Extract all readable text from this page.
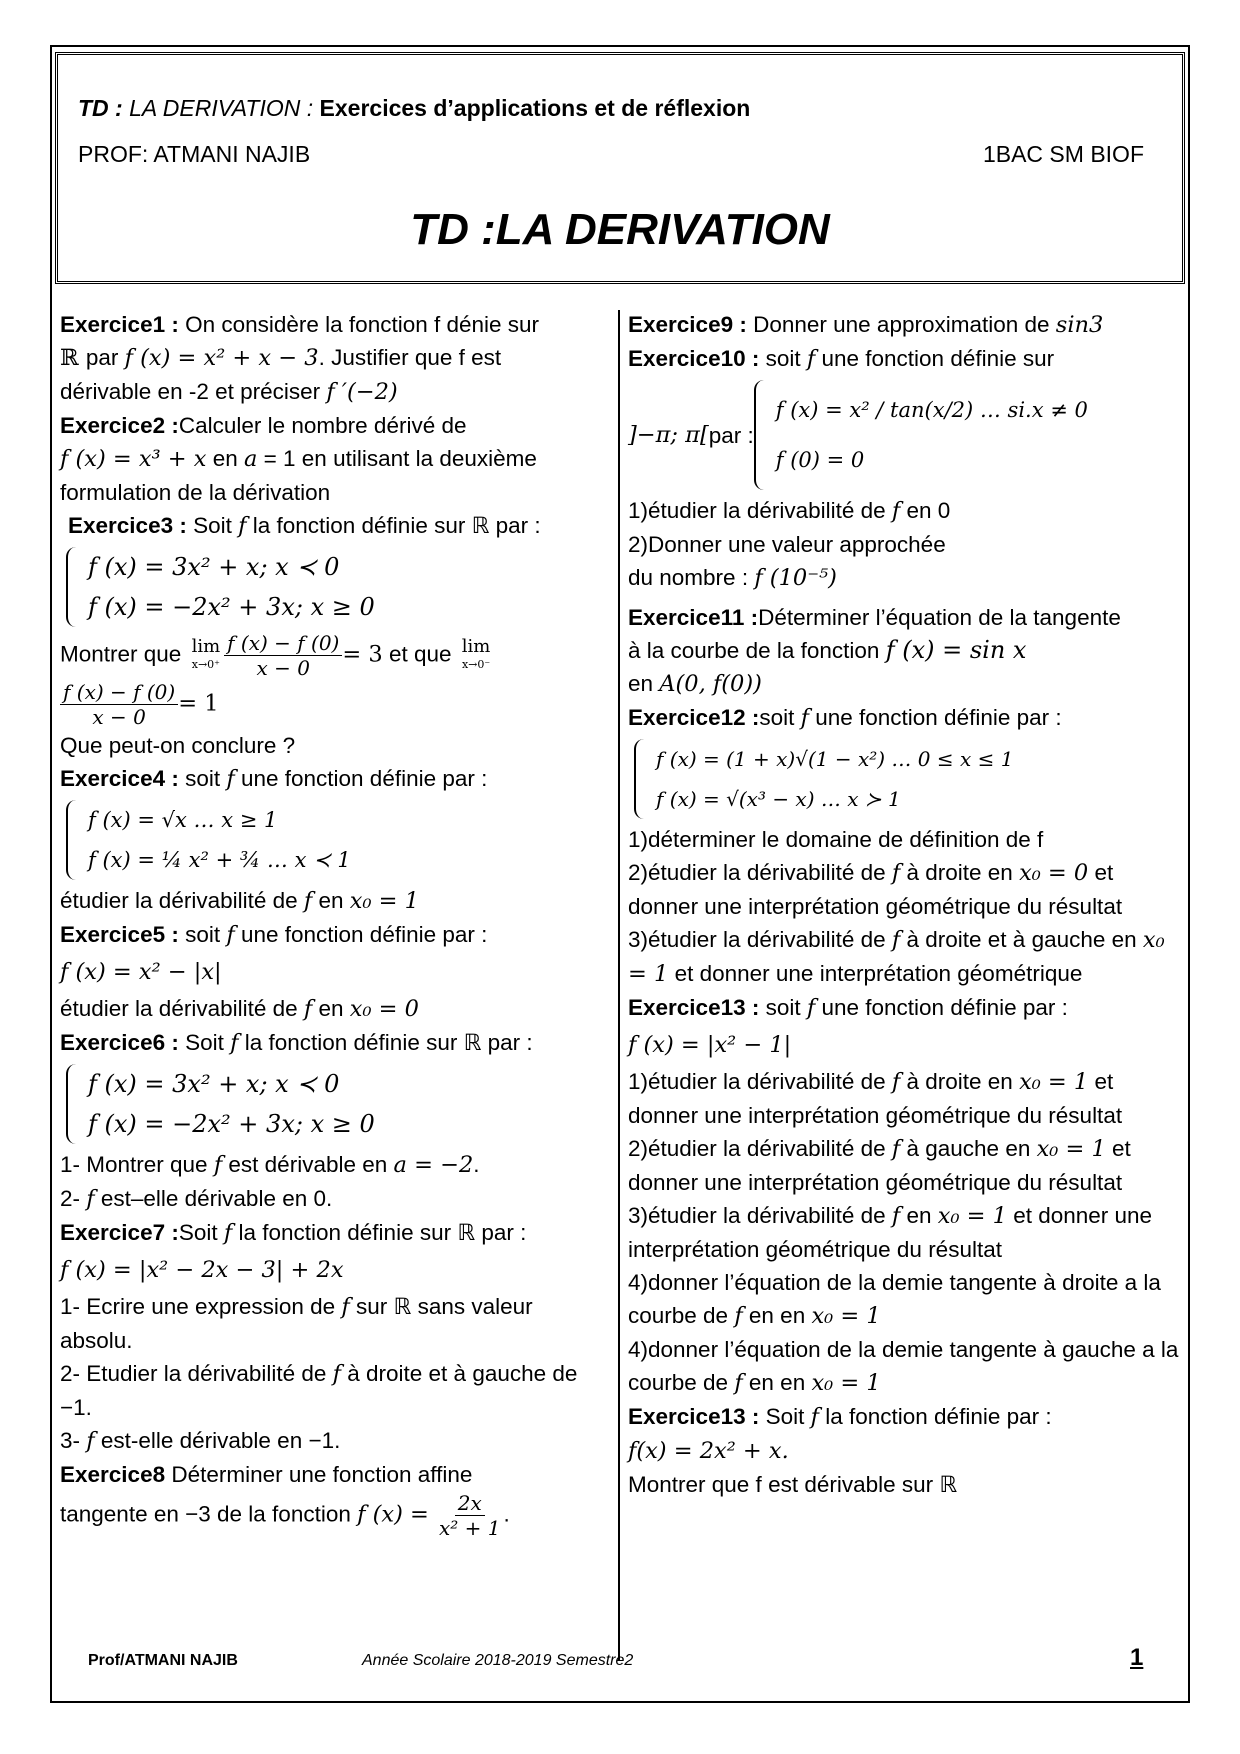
TD : LA DERIVATION : Exercices d’applications et de réflexion
PROF: ATMANI NAJIB	1BAC SM BIOF
TD :LA DERIVATION

Exercice1 : On considère la fonction f dénie sur
ℝ par f (x) = x² + x − 3. Justifier que f est
dérivable en -2 et préciser f ′(−2)

Exercice2 :Calculer le nombre dérivé de
f (x) = x³ + x en a = 1 en utilisant la deuxième
formulation de la dérivation

Exercice3 : Soit f la fonction définie sur ℝ par :

f (x) = 3x² + x; x ≺ 0
f (x) = −2x² + 3x; x ≥ 0

Montrer que lim
$x\to 0^+ \frac{f (x) - f (0)}{x - 0} = 3$ et que lim
x→0⁻
$\frac{f (x) - f (0)}{x - 0} = 1$

Que peut-on conclure ?

Exercice4 : soit f une fonction définie par :

f (x) = √x … x ≥ 1
f (x) = ¼ x² + ¾ … x ≺ 1

étudier la dérivabilité de f en x₀ = 1

Exercice5 : soit f une fonction définie par :

f (x) = x² − |x|

étudier la dérivabilité de f en x₀ = 0

Exercice6 : Soit f la fonction définie sur ℝ par :

f (x) = 3x² + x; x ≺ 0
f (x) = −2x² + 3x; x ≥ 0

1- Montrer que f est dérivable en a = −2.
2- f est–elle dérivable en 0.

Exercice7 :Soit f la fonction définie sur ℝ par :

f (x) = |x² − 2x − 3| + 2x

1- Ecrire une expression de f sur ℝ sans valeur absolu.
2- Etudier la dérivabilité de f à droite et à gauche de −1.
3- f est-elle dérivable en −1.

Exercice8 Déterminer une fonction affine
tangente en −3 de la fonction f $(x) = \frac{2x}{\text{x² + 1}}$ .

Exercice9 : Donner une approximation de sin3

Exercice10 : soit f une fonction définie sur

]−π; π[ par :
f (x) = x² / tan(x/2) … si.x ≠ 0
f (0) = 0

1)étudier la dérivabilité de f en 0
2)Donner une valeur approchée
du nombre : f (10⁻⁵)

Exercice11 :Déterminer l’équation de la tangente
à la courbe de la fonction f (x) = sin x
en A(0, f(0))

Exercice12 :soit f une fonction définie par :

f (x) = (1 + x)√(1 − x²) … 0 ≤ x ≤ 1
f (x) = √(x³ − x) … x ≻ 1

1)déterminer le domaine de définition de f
2)étudier la dérivabilité de f à droite en x₀ = 0 et donner une interprétation géométrique du résultat
3)étudier la dérivabilité de f à droite et à gauche en x₀ = 1 et donner une interprétation géométrique

Exercice13 : soit f une fonction définie par :

f (x) = |x² − 1|

1)étudier la dérivabilité de f à droite en x₀ = 1 et donner une interprétation géométrique du résultat
2)étudier la dérivabilité de f à gauche en x₀ = 1 et donner une interprétation géométrique du résultat
3)étudier la dérivabilité de f en x₀ = 1 et donner une interprétation géométrique du résultat
4)donner l’équation de la demie tangente à droite a la courbe de f en en x₀ = 1
4)donner l’équation de la demie tangente à gauche a la courbe de f en en x₀ = 1

Exercice13 : Soit f la fonction définie par :
f(x) = 2x² + x.
Montrer que f est dérivable sur ℝ

Prof/ATMANI NAJIB	Année Scolaire 2018-2019 Semestre2	1
